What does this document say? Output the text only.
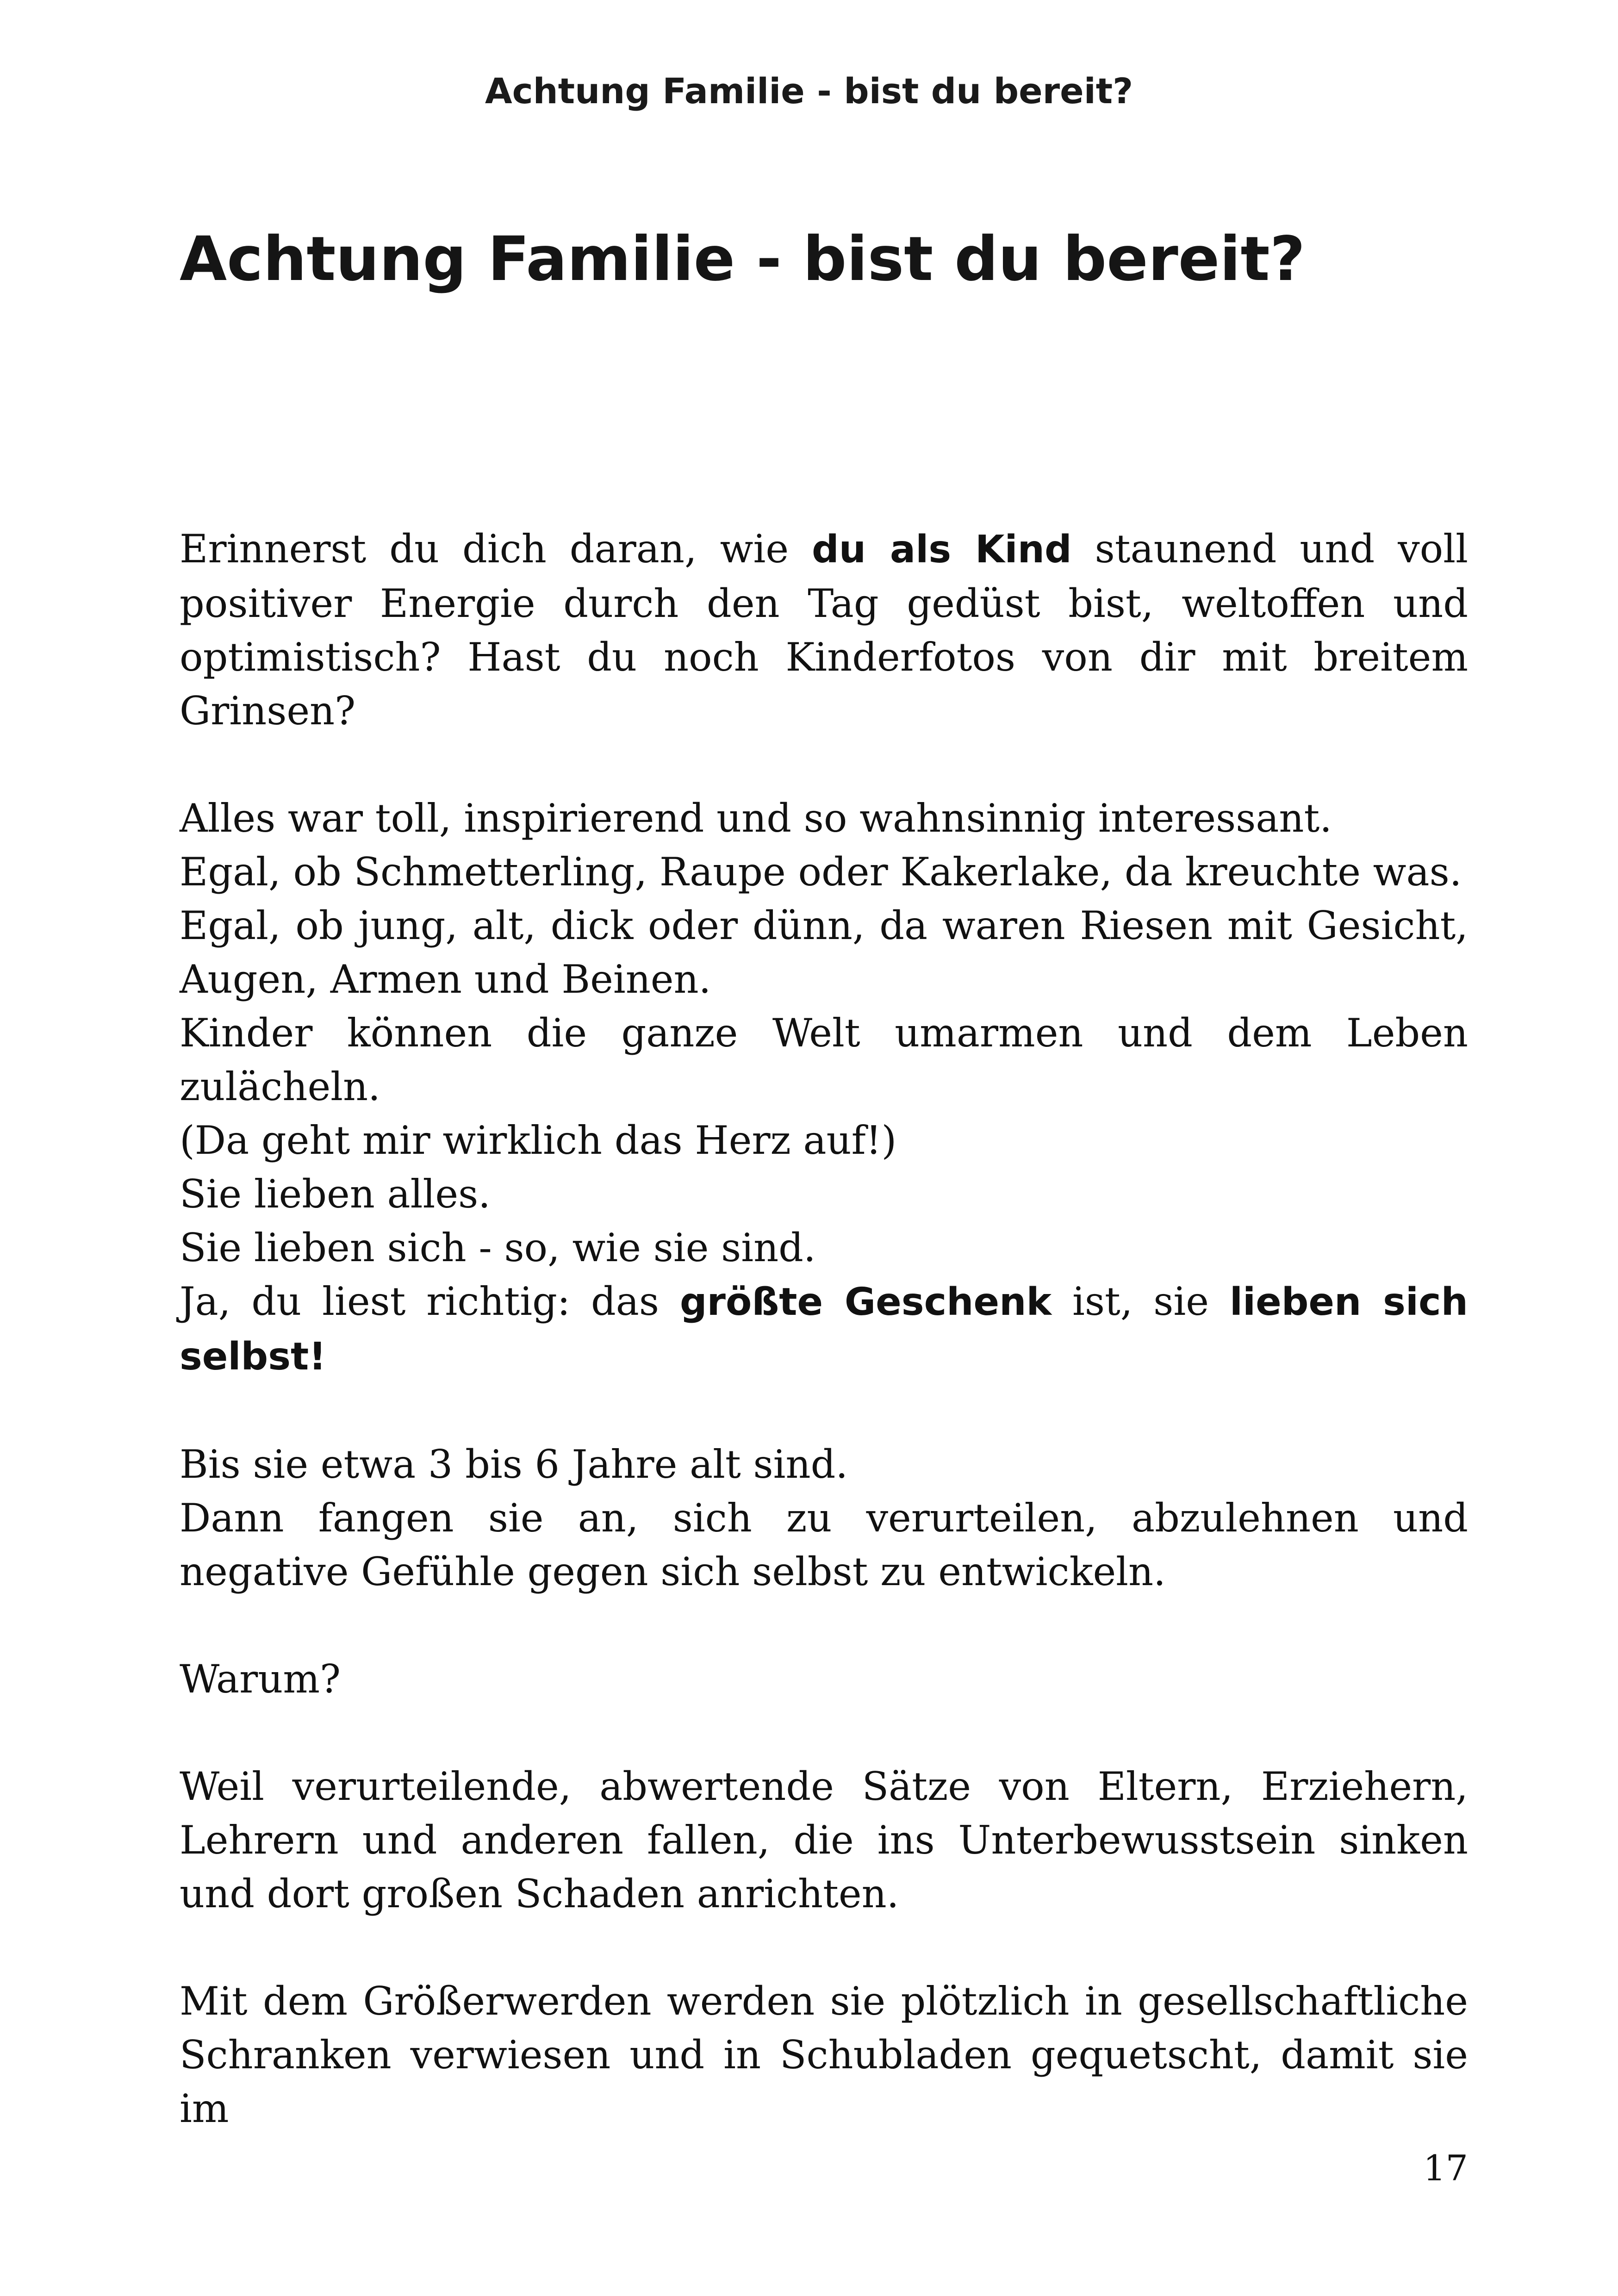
Achtung Familie - bist du bereit?
Achtung Familie - bist du bereit?

Erinnerst du dich daran, wie du als Kind staunend und voll positiver Energie durch den Tag gedüst bist, weltoffen und optimistisch? Hast du noch Kinderfotos von dir mit breitem Grinsen?

Alles war toll, inspirierend und so wahnsinnig interessant.

Egal, ob Schmetterling, Raupe oder Kakerlake, da kreuchte was.

Egal, ob jung, alt, dick oder dünn, da waren Riesen mit Gesicht, Augen, Armen und Beinen.

Kinder können die ganze Welt umarmen und dem Leben zulächeln.

(Da geht mir wirklich das Herz auf!)

Sie lieben alles.

Sie lieben sich - so, wie sie sind.

Ja, du liest richtig: das größte Geschenk ist, sie lieben sich selbst!

Bis sie etwa 3 bis 6 Jahre alt sind.

Dann fangen sie an, sich zu verurteilen, abzulehnen und negative Gefühle gegen sich selbst zu entwickeln.

Warum?

Weil verurteilende, abwertende Sätze von Eltern, Erziehern, Lehrern und anderen fallen, die ins Unterbewusstsein sinken und dort großen Schaden anrichten.

Mit dem Größerwerden werden sie plötzlich in gesellschaftliche Schranken verwiesen und in Schubladen gequetscht, damit sie im

17
